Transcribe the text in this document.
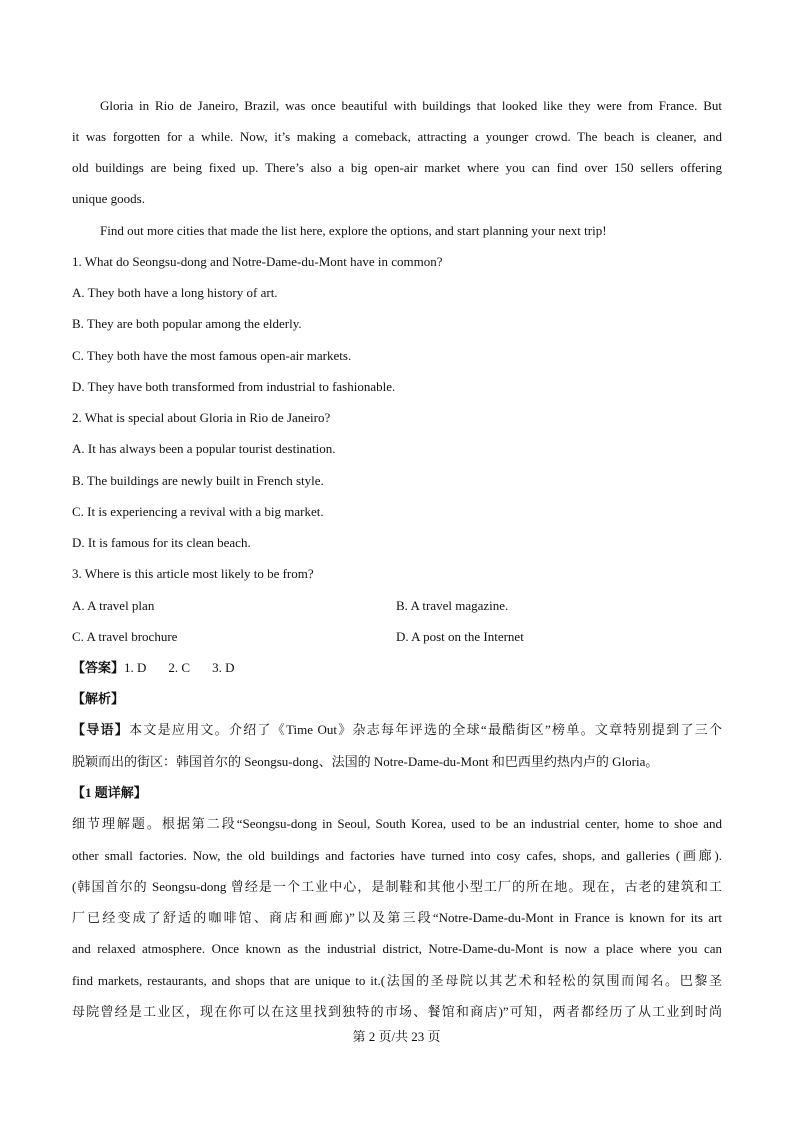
Gloria in Rio de Janeiro, Brazil, was once beautiful with buildings that looked like they were from France. But
it was forgotten for a while. Now, it’s making a comeback, attracting a younger crowd. The beach is cleaner, and
old buildings are being fixed up. There’s also a big open-air market where you can find over 150 sellers offering
unique goods.
Find out more cities that made the list here, explore the options, and start planning your next trip!
1. What do Seongsu-dong and Notre-Dame-du-Mont have in common?
A. They both have a long history of art.
B. They are both popular among the elderly.
C. They both have the most famous open-air markets.
D. They have both transformed from industrial to fashionable.
2. What is special about Gloria in Rio de Janeiro?
A. It has always been a popular tourist destination.
B. The buildings are newly built in French style.
C. It is experiencing a revival with a big market.
D. It is famous for its clean beach.
3. Where is this article most likely to be from?
A. A travel plan	B. A travel magazine.
C. A travel brochure	D. A post on the Internet
【答案】1. D 2. C 3. D
【解析】
【导语】本文是应用文。介绍了《Time Out》杂志每年评选的全球“最酷街区”榜单。文章特别提到了三个
脱颖而出的街区：韩国首尔的 Seongsu-dong、法国的 Notre-Dame-du-Mont 和巴西里约热内卢的 Gloria。
【1 题详解】
细节理解题。根据第二段“Seongsu-dong in Seoul, South Korea, used to be an industrial center, home to shoe and
other small factories. Now, the old buildings and factories have turned into cosy cafes, shops, and galleries (画廊).
(韩国首尔的 Seongsu-dong 曾经是一个工业中心，是制鞋和其他小型工厂的所在地。现在，古老的建筑和工
厂已经变成了舒适的咖啡馆、商店和画廊)”以及第三段“Notre-Dame-du-Mont in France is known for its art
and relaxed atmosphere. Once known as the industrial district, Notre-Dame-du-Mont is now a place where you can
find markets, restaurants, and shops that are unique to it.(法国的圣母院以其艺术和轻松的氛围而闻名。巴黎圣
母院曾经是工业区，现在你可以在这里找到独特的市场、餐馆和商店)”可知，两者都经历了从工业到时尚
第 2 页/共 23 页
